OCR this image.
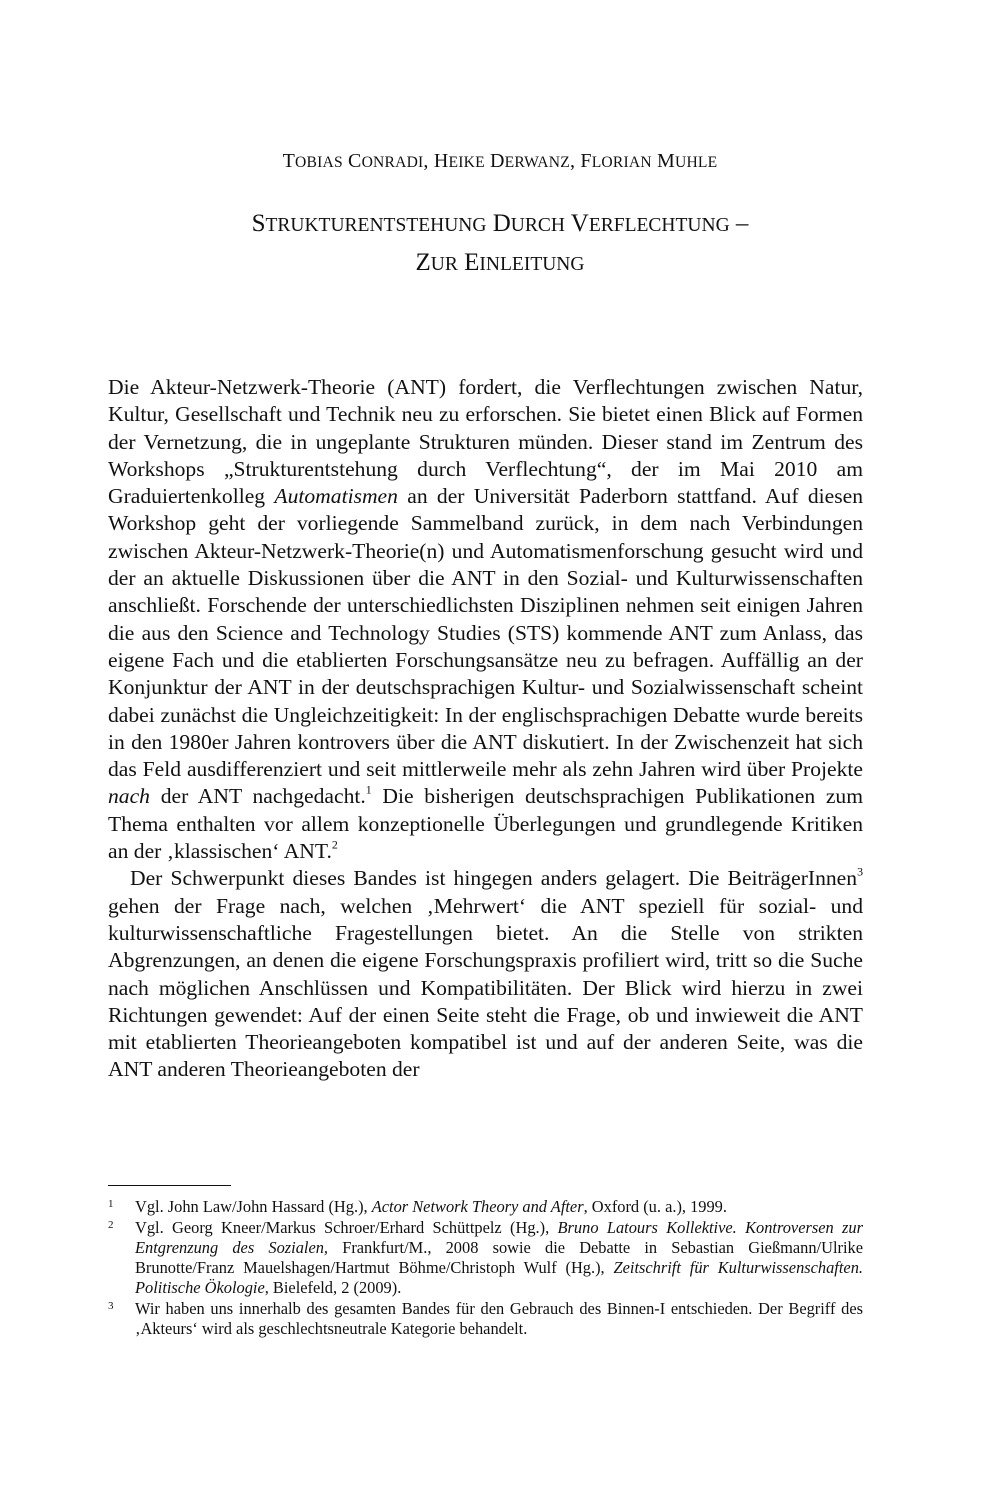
TOBIAS CONRADI, HEIKE DERWANZ, FLORIAN MUHLE
STRUKTURENTSTEHUNG DURCH VERFLECHTUNG –
ZUR EINLEITUNG

Die Akteur-Netzwerk-Theorie (ANT) fordert, die Verflechtungen zwischen Natur, Kultur, Gesellschaft und Technik neu zu erforschen. Sie bietet einen Blick auf Formen der Vernetzung, die in ungeplante Strukturen münden. Dieser stand im Zentrum des Workshops „Strukturentstehung durch Verflechtung“, der im Mai 2010 am Graduiertenkolleg Automatismen an der Universität Paderborn stattfand. Auf diesen Workshop geht der vorliegende Sammelband zurück, in dem nach Verbindungen zwischen Akteur-Netzwerk-Theorie(n) und Automatismenforschung gesucht wird und der an aktuelle Diskussionen über die ANT in den Sozial- und Kulturwissenschaften anschließt. Forschende der unterschiedlichsten Disziplinen nehmen seit einigen Jahren die aus den Science and Technology Studies (STS) kommende ANT zum Anlass, das eigene Fach und die etablierten Forschungsansätze neu zu befragen. Auffällig an der Konjunktur der ANT in der deutschsprachigen Kultur- und Sozialwissenschaft scheint dabei zunächst die Ungleichzeitigkeit: In der englischsprachigen Debatte wurde bereits in den 1980er Jahren kontrovers über die ANT diskutiert. In der Zwischenzeit hat sich das Feld ausdifferenziert und seit mittlerweile mehr als zehn Jahren wird über Projekte nach der ANT nachgedacht.$^1$ Die bisherigen deutschsprachigen Publikationen zum Thema enthalten vor allem konzeptionelle Überlegungen und grundlegende Kritiken an der ‚klassischen‘ ANT.$^2$

Der Schwerpunkt dieses Bandes ist hingegen anders gelagert. Die BeiträgerInnen$^3$ gehen der Frage nach, welchen ‚Mehrwert‘ die ANT speziell für sozial- und kulturwissenschaftliche Fragestellungen bietet. An die Stelle von strikten Abgrenzungen, an denen die eigene Forschungspraxis profiliert wird, tritt so die Suche nach möglichen Anschlüssen und Kompatibilitäten. Der Blick wird hierzu in zwei Richtungen gewendet: Auf der einen Seite steht die Frage, ob und inwieweit die ANT mit etablierten Theorieangeboten kompatibel ist und auf der anderen Seite, was die ANT anderen Theorieangeboten der

1 Vgl. John Law/John Hassard (Hg.), Actor Network Theory and After, Oxford (u. a.), 1999.
2 Vgl. Georg Kneer/Markus Schroer/Erhard Schüttpelz (Hg.), Bruno Latours Kollektive. Kontroversen zur Entgrenzung des Sozialen, Frankfurt/M., 2008 sowie die Debatte in Sebastian Gießmann/Ulrike Brunotte/Franz Mauelshagen/Hartmut Böhme/Christoph Wulf (Hg.), Zeitschrift für Kulturwissenschaften. Politische Ökologie, Bielefeld, 2 (2009).
3 Wir haben uns innerhalb des gesamten Bandes für den Gebrauch des Binnen-I entschieden. Der Begriff des ‚Akteurs‘ wird als geschlechtsneutrale Kategorie behandelt.
